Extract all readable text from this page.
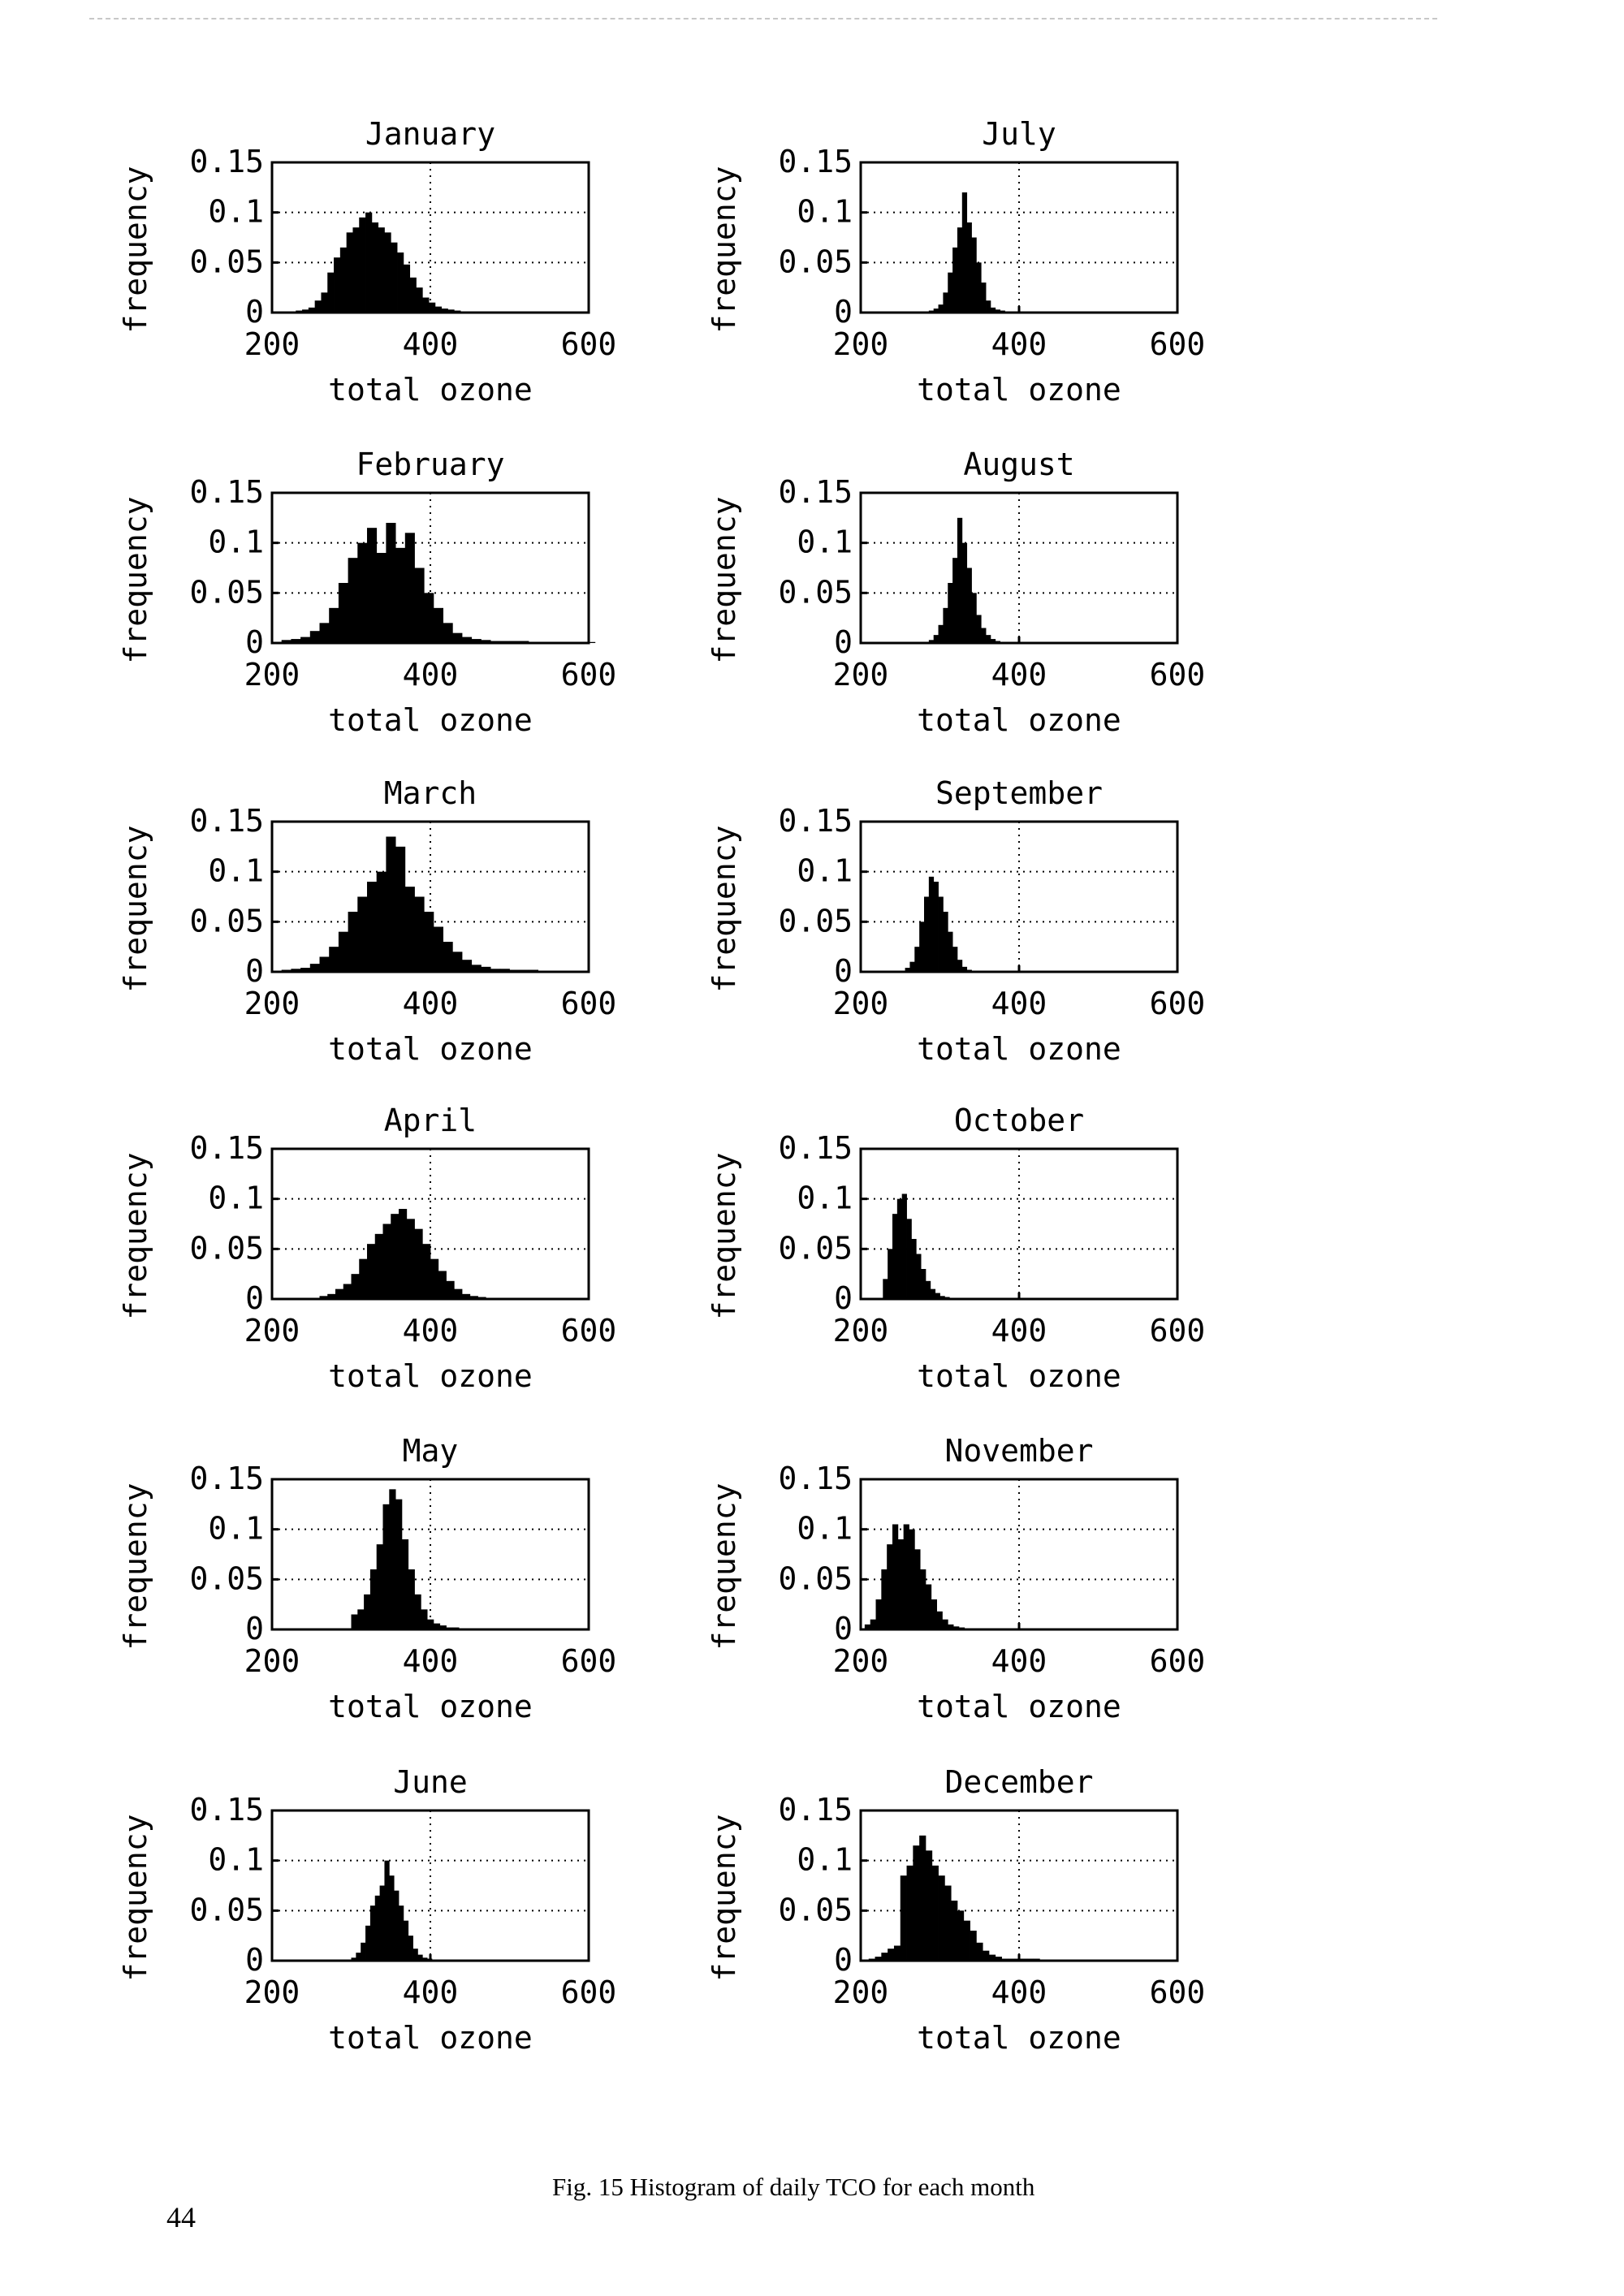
January
0
0.05
0.1
0.15
200	400	600
total ozone
frequency
July
0
0.05
0.1
0.15
200	400	600
total ozone
frequency
February
0
0.05
0.1
0.15
200	400	600
total ozone
frequency
August
0
0.05
0.1
0.15
200	400	600
total ozone
frequency
March
0
0.05
0.1
0.15
200	400	600
total ozone
frequency
September
0
0.05
0.1
0.15
200	400	600
total ozone
frequency
April
0
0.05
0.1
0.15
200	400	600
total ozone
frequency
October
0
0.05
0.1
0.15
200	400	600
total ozone
frequency
May
0
0.05
0.1
0.15
200	400	600
total ozone
frequency
November
0
0.05
0.1
0.15
200	400	600
total ozone
frequency
June
0
0.05
0.1
0.15
200	400	600
total ozone
frequency
December
0
0.05
0.1
0.15
200	400	600
total ozone
frequency
Fig. 15 Histogram of daily TCO for each month
44
